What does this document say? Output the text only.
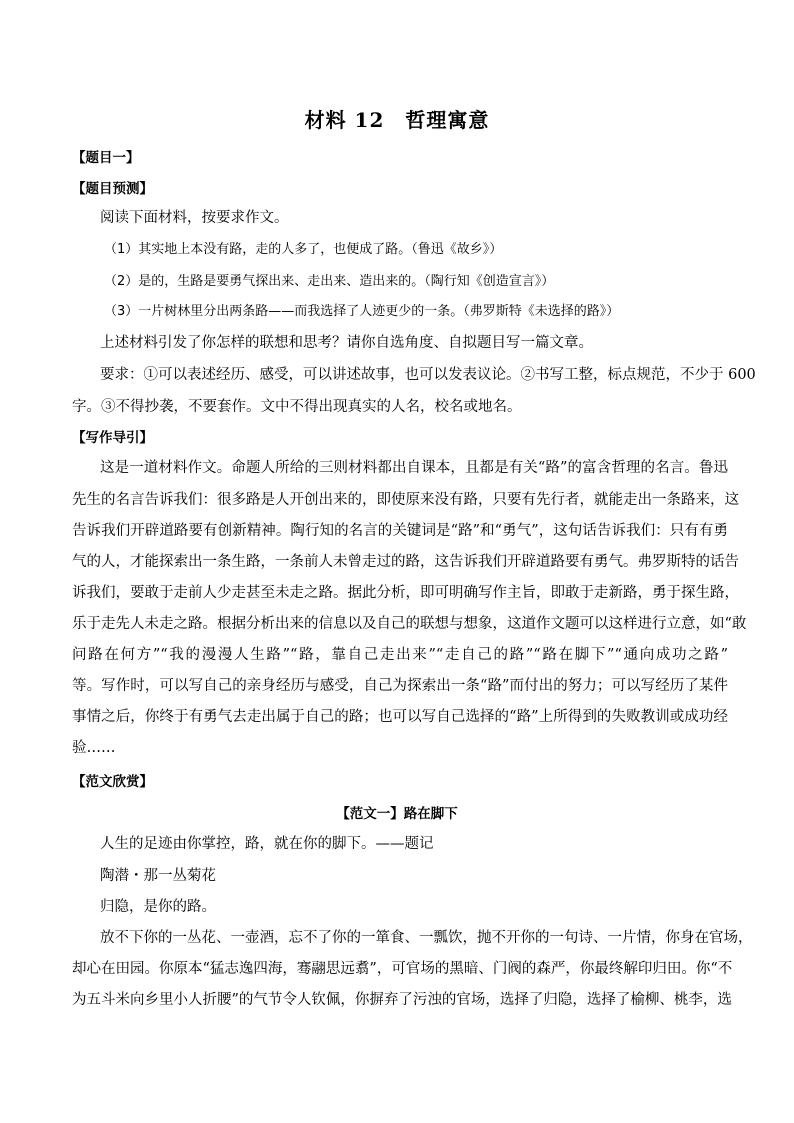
材料 12　哲理寓意
【题目一】
【题目预测】
阅读下面材料，按要求作文。
（1）其实地上本没有路，走的人多了，也便成了路。（鲁迅《故乡》）
（2）是的，生路是要勇气探出来、走出来、造出来的。（陶行知《创造宣言》）
（3）一片树林里分出两条路——而我选择了人迹更少的一条。（弗罗斯特《未选择的路》）
上述材料引发了你怎样的联想和思考？请你自选角度、自拟题目写一篇文章。
要求：①可以表述经历、感受，可以讲述故事，也可以发表议论。②书写工整，标点规范，不少于 600
字。③不得抄袭，不要套作。文中不得出现真实的人名，校名或地名。
【写作导引】
这是一道材料作文。命题人所给的三则材料都出自课本，且都是有关“路”的富含哲理的名言。鲁迅
先生的名言告诉我们：很多路是人开创出来的，即使原来没有路，只要有先行者，就能走出一条路来，这
告诉我们开辟道路要有创新精神。陶行知的名言的关键词是“路”和“勇气”，这句话告诉我们：只有有勇
气的人，才能探索出一条生路，一条前人未曾走过的路，这告诉我们开辟道路要有勇气。弗罗斯特的话告
诉我们，要敢于走前人少走甚至未走之路。据此分析，即可明确写作主旨，即敢于走新路，勇于探生路，
乐于走先人未走之路。根据分析出来的信息以及自己的联想与想象，这道作文题可以这样进行立意，如“敢
问路在何方”“我的漫漫人生路”“路，靠自己走出来”“走自己的路”“路在脚下”“通向成功之路”
等。写作时，可以写自己的亲身经历与感受，自己为探索出一条“路”而付出的努力；可以写经历了某件
事情之后，你终于有勇气去走出属于自己的路；也可以写自己选择的“路”上所得到的失败教训或成功经
验……
【范文欣赏】
【范文一】路在脚下
人生的足迹由你掌控，路，就在你的脚下。——题记
陶潜・那一丛菊花
归隐，是你的路。
放不下你的一丛花、一壶酒，忘不了你的一箪食、一瓢饮，抛不开你的一句诗、一片情，你身在官场，
却心在田园。你原本“猛志逸四海，骞翮思远翥”，可官场的黑暗、门阀的森严，你最终解印归田。你“不
为五斗米向乡里小人折腰”的气节令人钦佩，你摒弃了污浊的官场，选择了归隐，选择了榆柳、桃李，选
